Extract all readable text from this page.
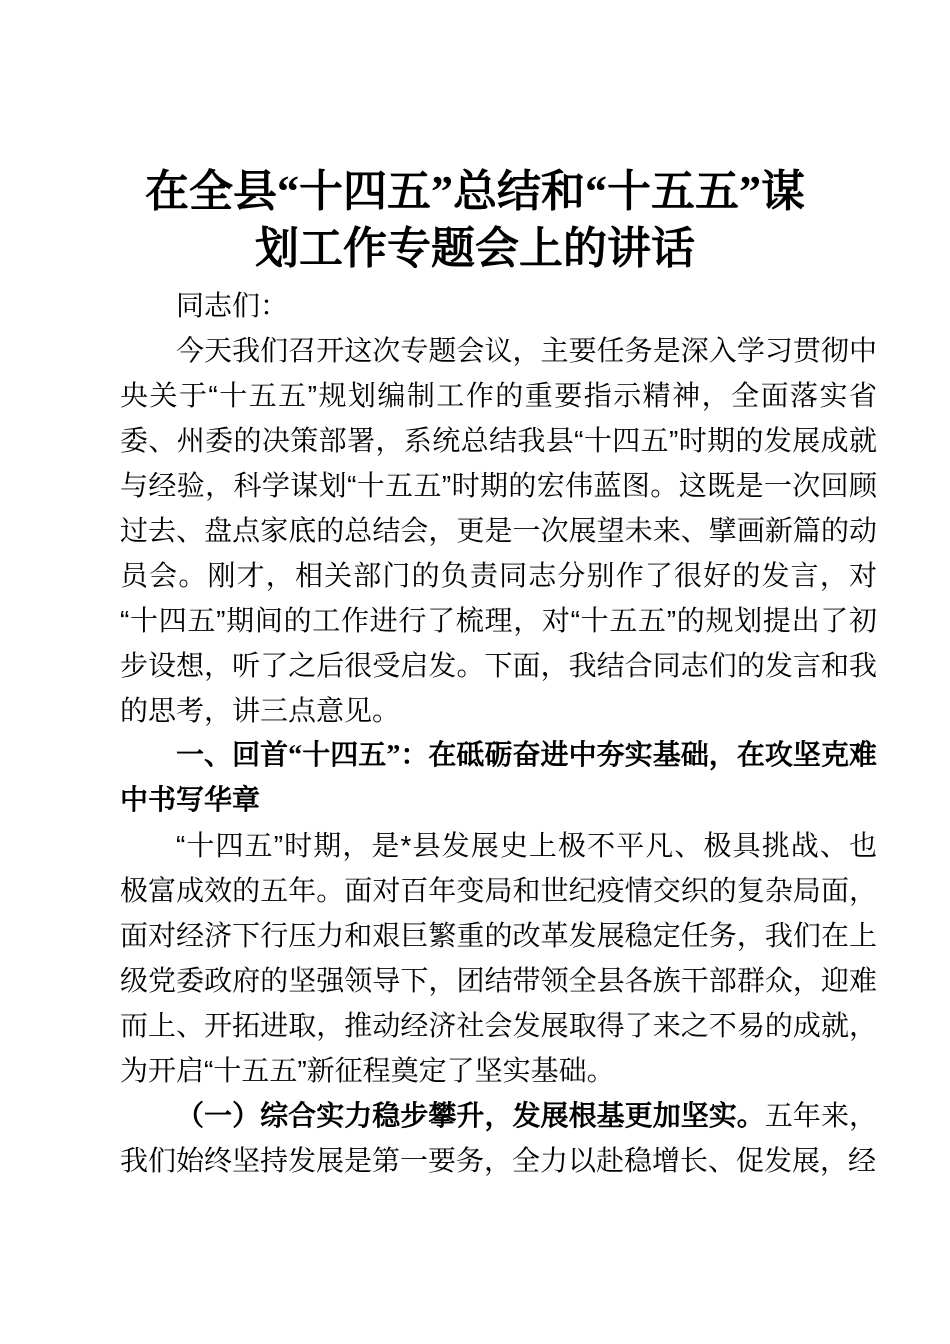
在全县“十四五”总结和“十五五”谋
划工作专题会上的讲话

同志们：

今天我们召开这次专题会议，主要任务是深入学习贯彻中央关于“十五五”规划编制工作的重要指示精神，全面落实省委、州委的决策部署，系统总结我县“十四五”时期的发展成就与经验，科学谋划“十五五”时期的宏伟蓝图。这既是一次回顾过去、盘点家底的总结会，更是一次展望未来、擘画新篇的动员会。刚才，相关部门的负责同志分别作了很好的发言，对“十四五”期间的工作进行了梳理，对“十五五”的规划提出了初步设想，听了之后很受启发。下面，我结合同志们的发言和我的思考，讲三点意见。

一、回首“十四五”：在砥砺奋进中夯实基础，在攻坚克难中书写华章

“十四五”时期，是*县发展史上极不平凡、极具挑战、也极富成效的五年。面对百年变局和世纪疫情交织的复杂局面，面对经济下行压力和艰巨繁重的改革发展稳定任务，我们在上级党委政府的坚强领导下，团结带领全县各族干部群众，迎难而上、开拓进取，推动经济社会发展取得了来之不易的成就，为开启“十五五”新征程奠定了坚实基础。

（一）综合实力稳步攀升，发展根基更加坚实。五年来，我们始终坚持发展是第一要务，全力以赴稳增长、促发展，经
